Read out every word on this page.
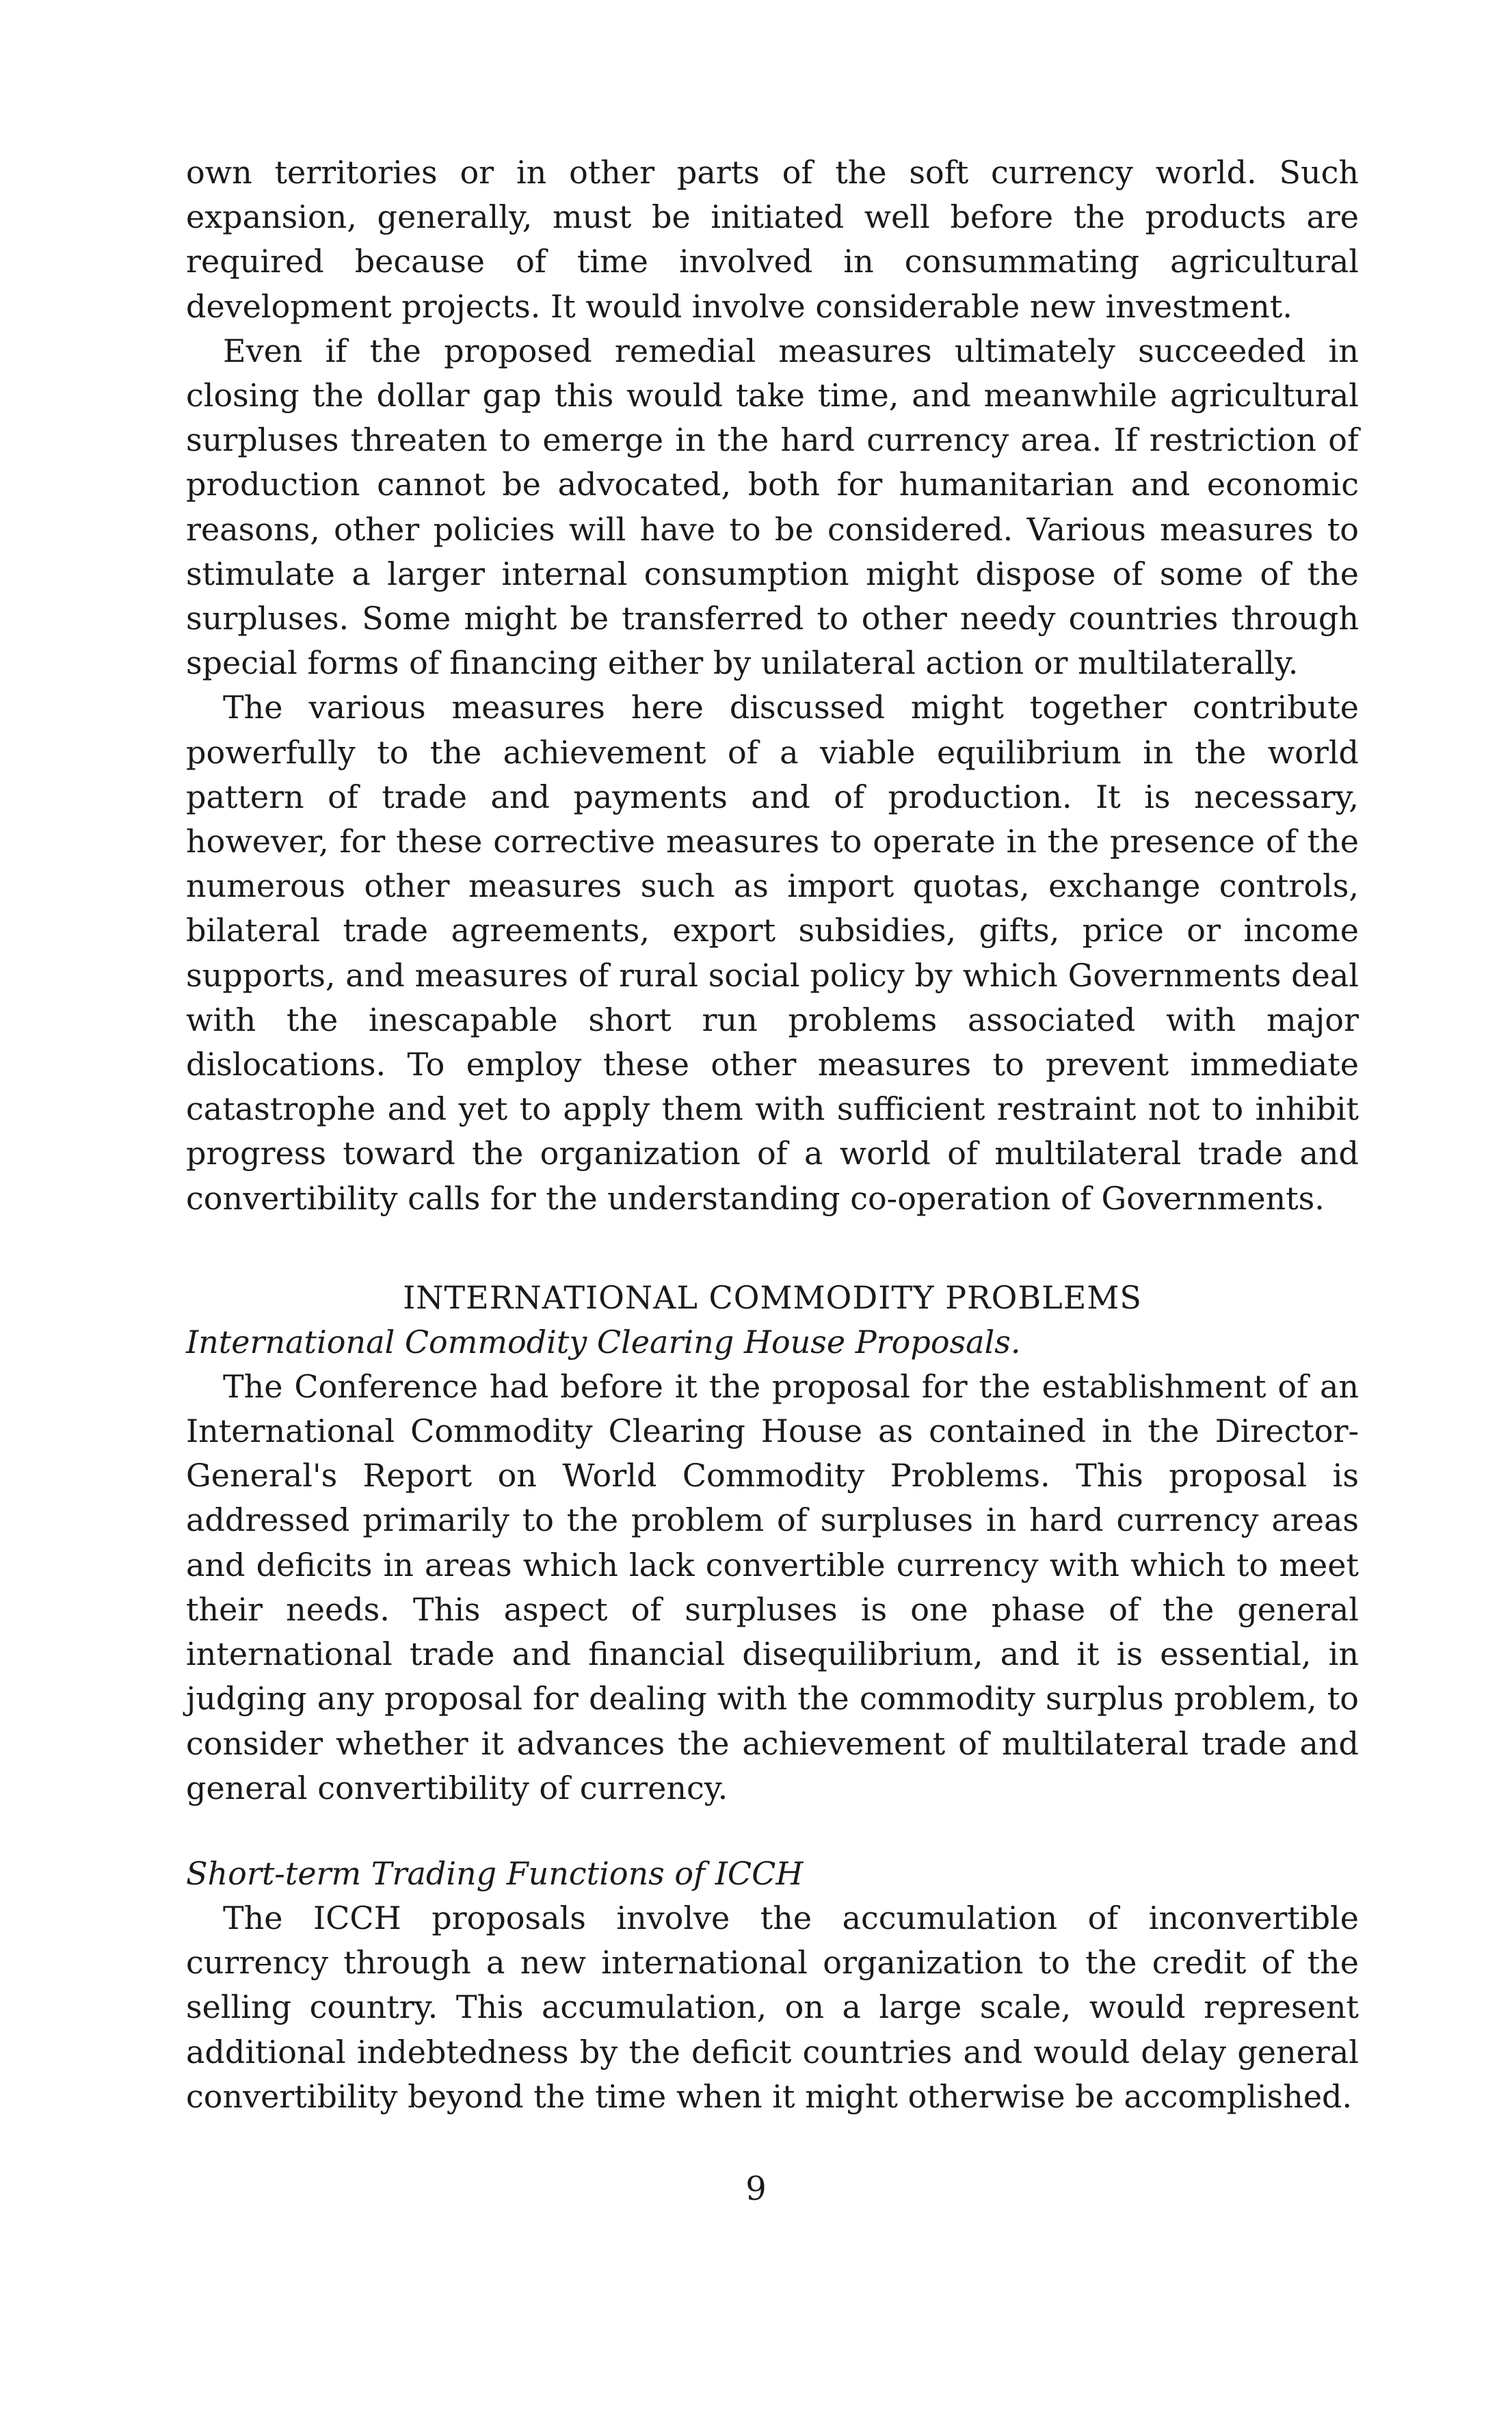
own territories or in other parts of the soft currency world. Such expansion, generally, must be initiated well before the products are required because of time involved in consummating agricultural development projects. It would involve considerable new investment.

Even if the proposed remedial measures ultimately succeeded in closing the dollar gap this would take time, and meanwhile agricultural surpluses threaten to emerge in the hard currency area. If restriction of production cannot be advocated, both for humanitarian and economic reasons, other policies will have to be considered. Various measures to stimulate a larger internal consumption might dispose of some of the surpluses. Some might be transferred to other needy countries through special forms of financing either by unilateral action or multilaterally.

The various measures here discussed might together contribute powerfully to the achievement of a viable equilibrium in the world pattern of trade and payments and of production. It is necessary, however, for these corrective measures to operate in the presence of the numerous other measures such as import quotas, exchange controls, bilateral trade agreements, export subsidies, gifts, price or income supports, and measures of rural social policy by which Governments deal with the inescapable short run problems associated with major dislocations. To employ these other measures to prevent immediate catastrophe and yet to apply them with sufficient restraint not to inhibit progress toward the organization of a world of multilateral trade and convertibility calls for the understanding co-operation of Governments.

INTERNATIONAL COMMODITY PROBLEMS
International Commodity Clearing House Proposals.

The Conference had before it the proposal for the establishment of an International Commodity Clearing House as contained in the Director-General's Report on World Commodity Problems. This proposal is addressed primarily to the problem of surpluses in hard currency areas and deficits in areas which lack convertible currency with which to meet their needs. This aspect of surpluses is one phase of the general international trade and financial disequilibrium, and it is essential, in judging any proposal for dealing with the commodity surplus problem, to consider whether it advances the achievement of multilateral trade and general convertibility of currency.

Short-term Trading Functions of ICCH

The ICCH proposals involve the accumulation of inconvertible currency through a new international organization to the credit of the selling country. This accumulation, on a large scale, would represent additional indebtedness by the deficit countries and would delay general convertibility beyond the time when it might otherwise be accomplished.

9
